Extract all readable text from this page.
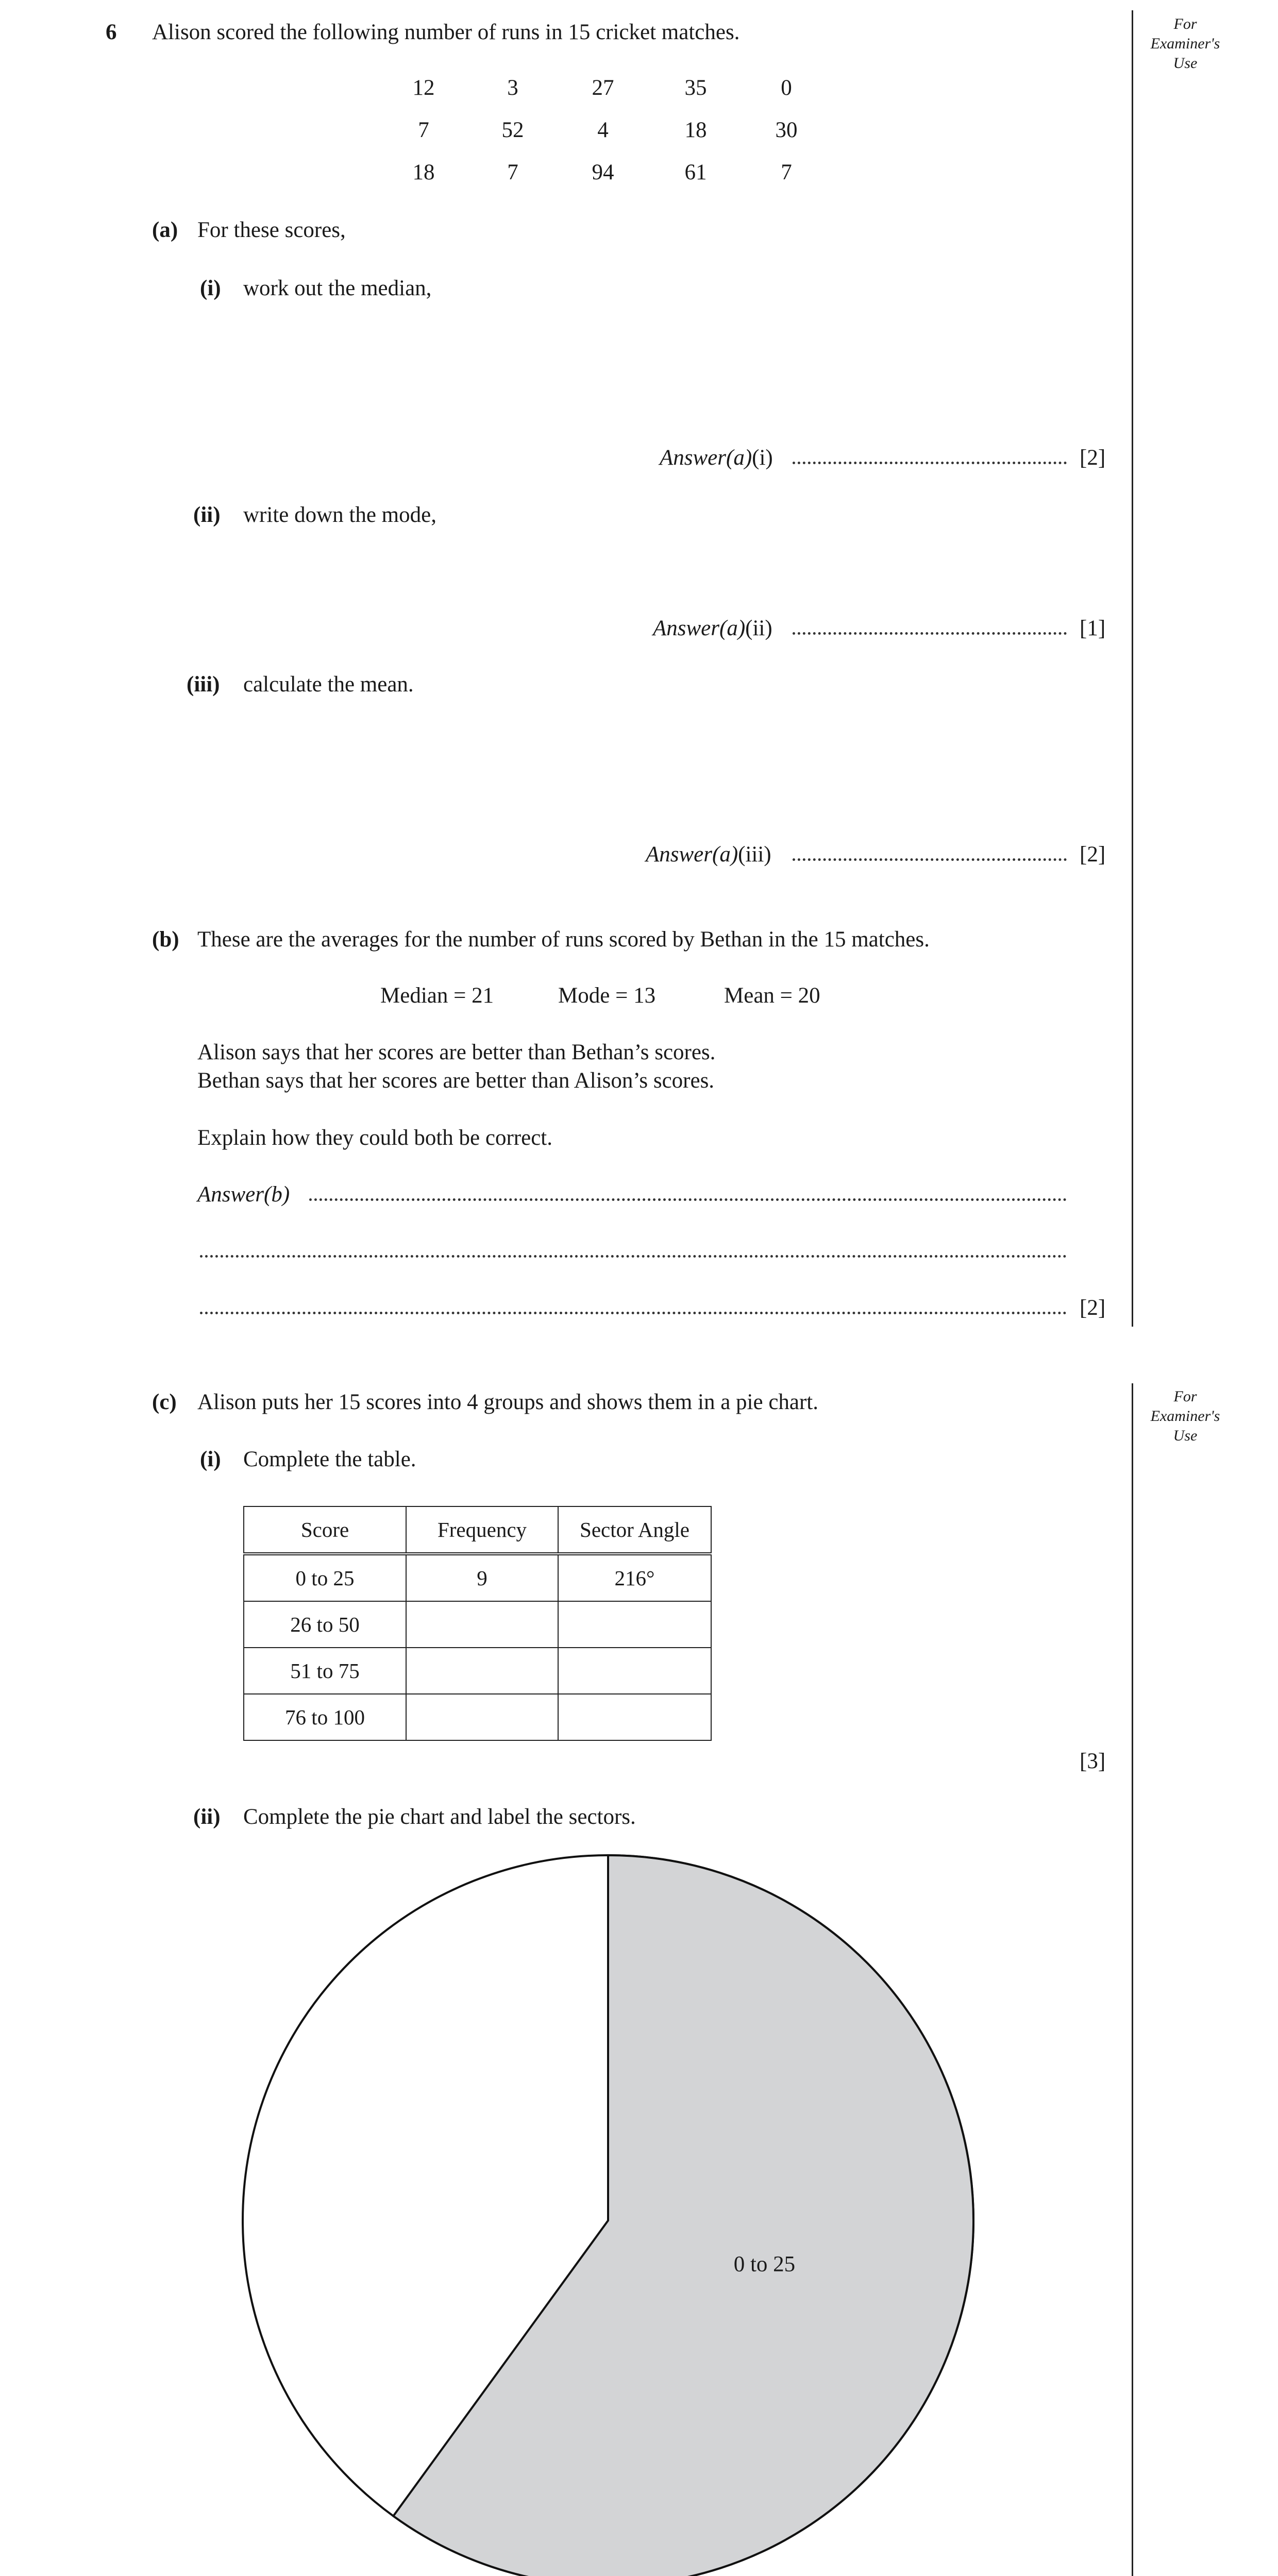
For
Examiner's
Use
For
Examiner's
Use
6 Alison scored the following number of runs in 15 cricket matches.
12	3	27	35	0
7	52	4	18	30
18	7	94	61	7
(a) For these scores,
(i) work out the median,
Answer(a)(i)	[2]
(ii) write down the mode,
Answer(a)(ii)	[1]
(iii) calculate the mean.
Answer(a)(iii)	[2]
(b) These are the averages for the number of runs scored by Bethan in the 15 matches.
Median = 21	Mode = 13	Mean = 20
Alison says that her scores are better than Bethan’s scores.
Bethan says that her scores are better than Alison’s scores.
Explain how they could both be correct.
Answer(b)
[2]
(c) Alison puts her 15 scores into 4 groups and shows them in a pie chart.
(i) Complete the table.
Score	Frequency	Sector Angle
0 to 25	9	216°
26 to 50		
51 to 75		
76 to 100		
[3]
(ii) Complete the pie chart and label the sectors.
0 to 25
